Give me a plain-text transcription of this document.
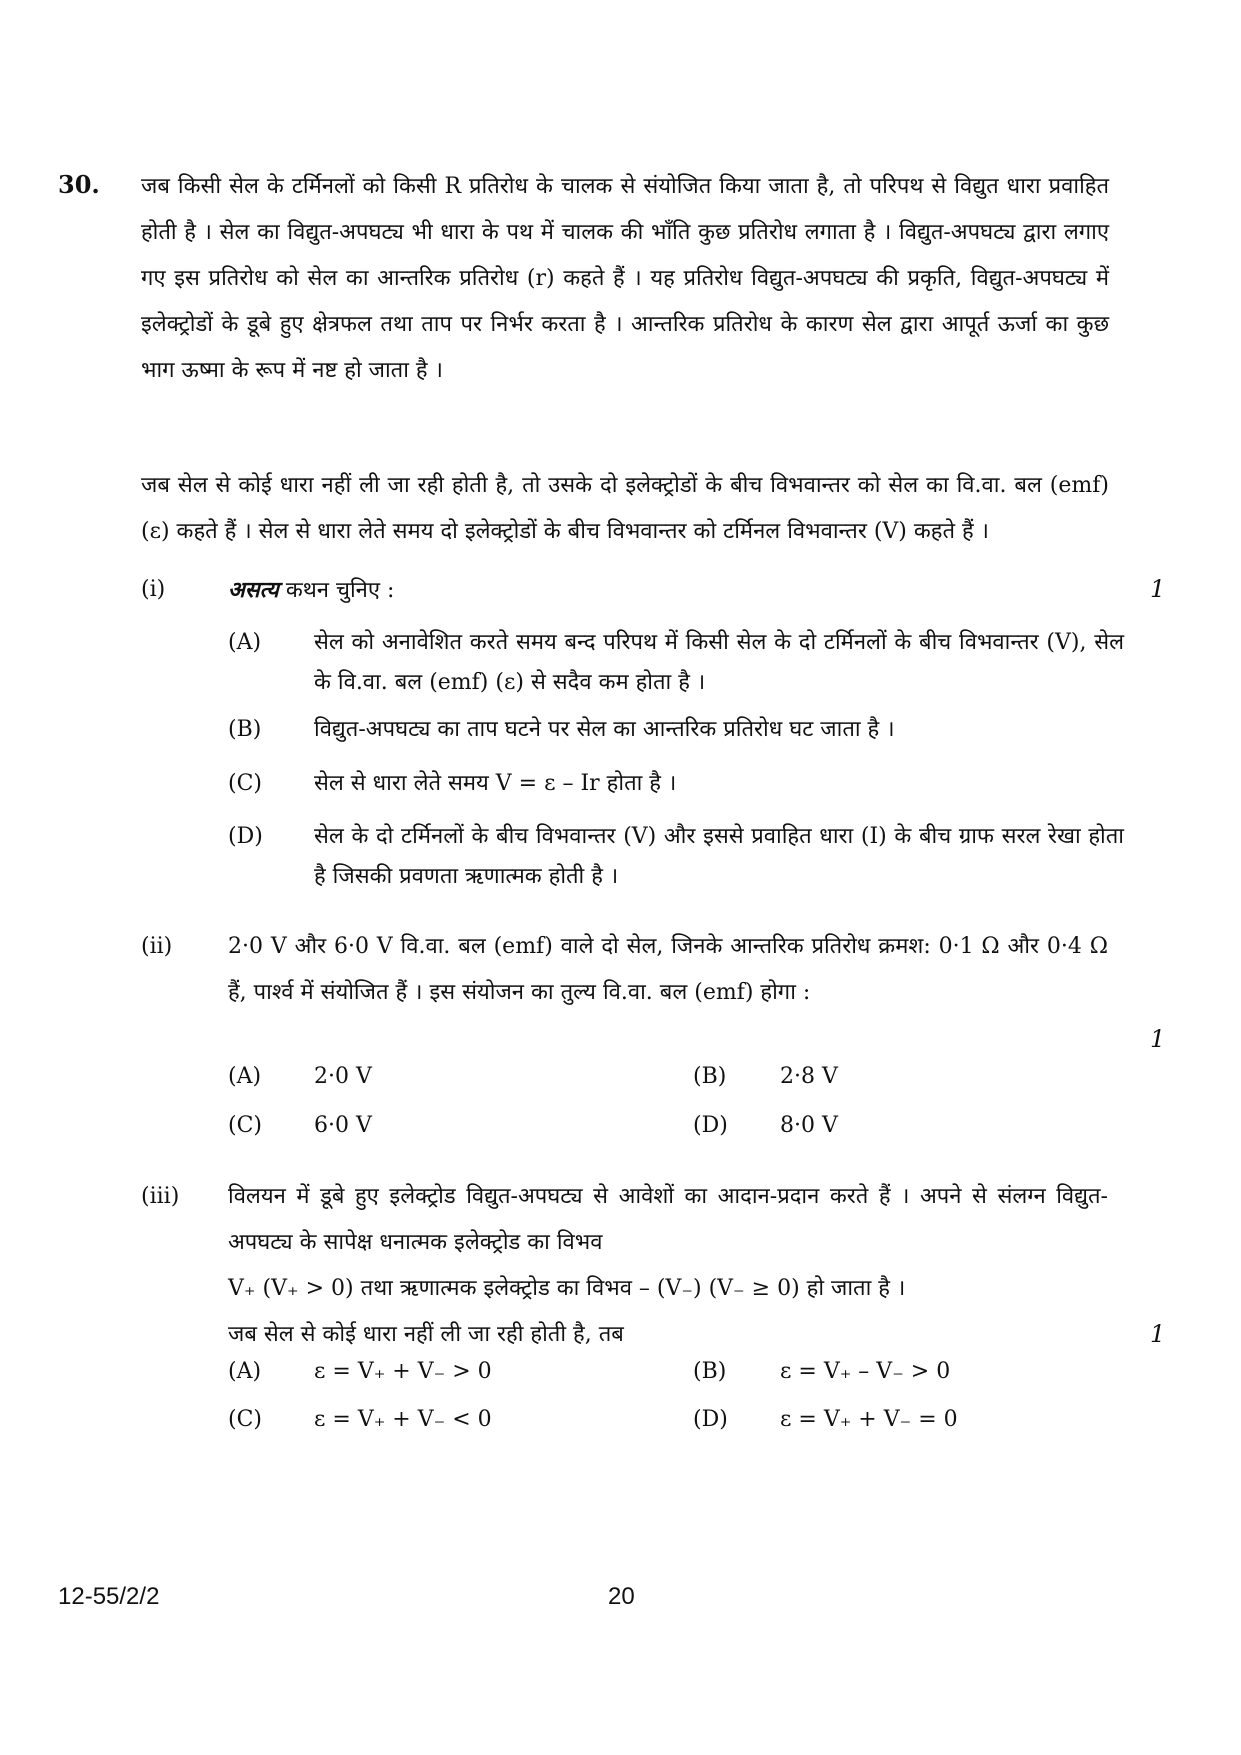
30. जब किसी सेल के टर्मिनलों को किसी R प्रतिरोध के चालक से संयोजित किया जाता है, तो परिपथ से विद्युत धारा प्रवाहित होती है । सेल का विद्युत-अपघट्य भी धारा के पथ में चालक की भाँति कुछ प्रतिरोध लगाता है । विद्युत-अपघट्य द्वारा लगाए गए इस प्रतिरोध को सेल का आन्तरिक प्रतिरोध (r) कहते हैं । यह प्रतिरोध विद्युत-अपघट्य की प्रकृति, विद्युत-अपघट्य में इलेक्ट्रोडों के डूबे हुए क्षेत्रफल तथा ताप पर निर्भर करता है । आन्तरिक प्रतिरोध के कारण सेल द्वारा आपूर्त ऊर्जा का कुछ भाग ऊष्मा के रूप में नष्ट हो जाता है ।
जब सेल से कोई धारा नहीं ली जा रही होती है, तो उसके दो इलेक्ट्रोडों के बीच विभवान्तर को सेल का वि.वा. बल (emf) (ε) कहते हैं । सेल से धारा लेते समय दो इलेक्ट्रोडों के बीच विभवान्तर को टर्मिनल विभवान्तर (V) कहते हैं ।
(i)	असत्य कथन चुनिए :	1
(A) सेल को अनावेशित करते समय बन्द परिपथ में किसी सेल के दो टर्मिनलों के बीच विभवान्तर (V), सेल के वि.वा. बल (emf) (ε) से सदैव कम होता है ।
(B) विद्युत-अपघट्य का ताप घटने पर सेल का आन्तरिक प्रतिरोध घट जाता है ।
(C) सेल से धारा लेते समय V = ε – Ir होता है ।
(D) सेल के दो टर्मिनलों के बीच विभवान्तर (V) और इससे प्रवाहित धारा (I) के बीच ग्राफ सरल रेखा होता है जिसकी प्रवणता ऋणात्मक होती है ।
(ii)	2·0 V और 6·0 V वि.वा. बल (emf) वाले दो सेल, जिनके आन्तरिक प्रतिरोध क्रमश: 0·1 Ω और 0·4 Ω हैं, पार्श्व में संयोजित हैं । इस संयोजन का तुल्य वि.वा. बल (emf) होगा :
1
(A) 2·0 V	(B) 2·8 V
(C) 6·0 V	(D) 8·0 V
(iii) विलयन में डूबे हुए इलेक्ट्रोड विद्युत-अपघट्य से आवेशों का आदान-प्रदान करते हैं । अपने से संलग्न विद्युत-अपघट्य के सापेक्ष धनात्मक इलेक्ट्रोड का विभव
V₊ (V₊ > 0) तथा ऋणात्मक इलेक्ट्रोड का विभव – (V₋) (V₋ ≥ 0) हो जाता है ।
जब सेल से कोई धारा नहीं ली जा रही होती है, तब	1
(A) ε = V₊ + V₋ > 0	(B) ε = V₊ – V₋ > 0
(C) ε = V₊ + V₋ < 0	(D) ε = V₊ + V₋ = 0
12-55/2/2	20
